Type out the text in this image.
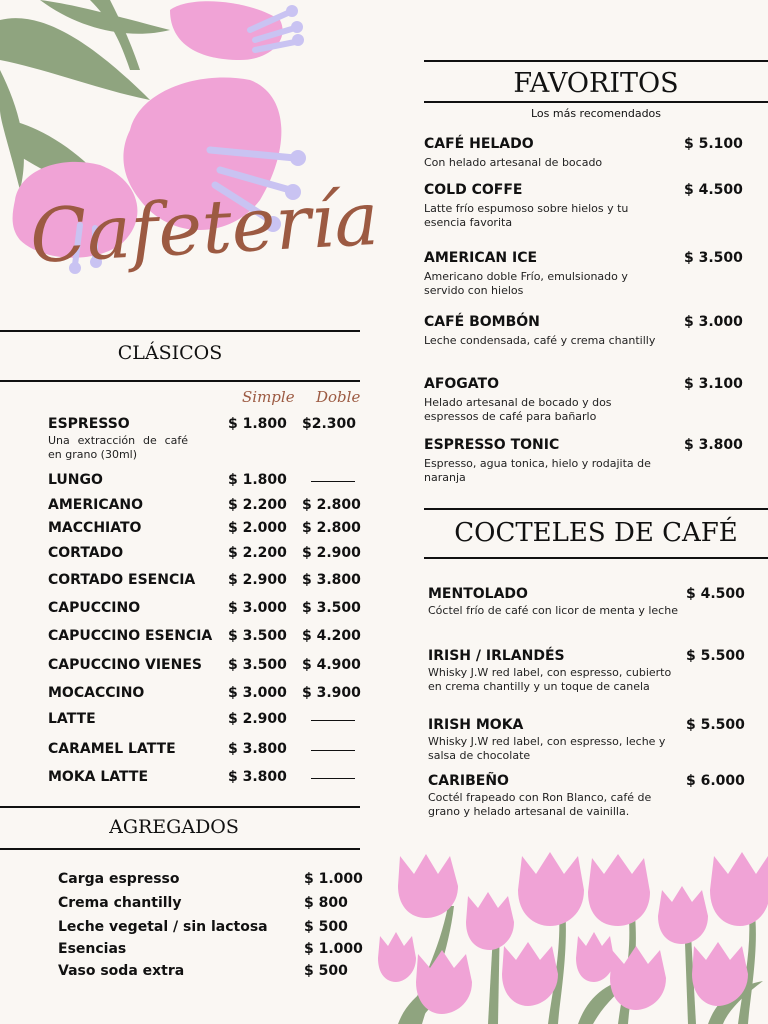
Cafetería
CLÁSICOS
Simple Doble
ESPRESSO	$ 1.800 $2.300
LUNGO	$ 1.800
AMERICANO	$ 2.200 $ 2.800
MACCHIATO	$ 2.000 $ 2.800
CORTADO	$ 2.200 $ 2.900
CORTADO ESENCIA $ 2.900 $ 3.800
CAPUCCINO	$ 3.000 $ 3.500
CAPUCCINO ESENCIA $ 3.500 $ 4.200
CAPUCCINO VIENES $ 3.500 $ 4.900
MOCACCINO	$ 3.000 $ 3.900
LATTE	$ 2.900
CARAMEL LATTE	$ 3.800
MOKA LATTE	$ 3.800
Una extracción de café en grano (30ml)
AGREGADOS
Carga espresso	$ 1.000
Crema chantilly	$ 800
Leche vegetal / sin lactosa	$ 500
Esencias	$ 1.000
Vaso soda extra	$ 500
FAVORITOS
Los más recomendados
CAFÉ HELADO	$ 5.100
Con helado artesanal de bocado
COLD COFFE	$ 4.500
Latte frío espumoso sobre hielos y tu esencia favorita
AMERICAN ICE	$ 3.500
Americano doble Frío, emulsionado y servido con hielos
CAFÉ BOMBÓN	$ 3.000
Leche condensada, café y crema chantilly
AFOGATO	$ 3.100
Helado artesanal de bocado y dos espressos de café para bañarlo
ESPRESSO TONIC	$ 3.800
Espresso, agua tonica, hielo y rodajita de naranja
COCTELES DE CAFÉ
MENTOLADO	$ 4.500
Cóctel frío de café con licor de menta y leche
IRISH / IRLANDÉS	$ 5.500
Whisky J.W red label, con espresso, cubierto en crema chantilly y un toque de canela
IRISH MOKA	$ 5.500
Whisky J.W red label, con espresso, leche y salsa de chocolate
CARIBEÑO	$ 6.000
Coctél frapeado con Ron Blanco, café de grano y helado artesanal de vainilla.
